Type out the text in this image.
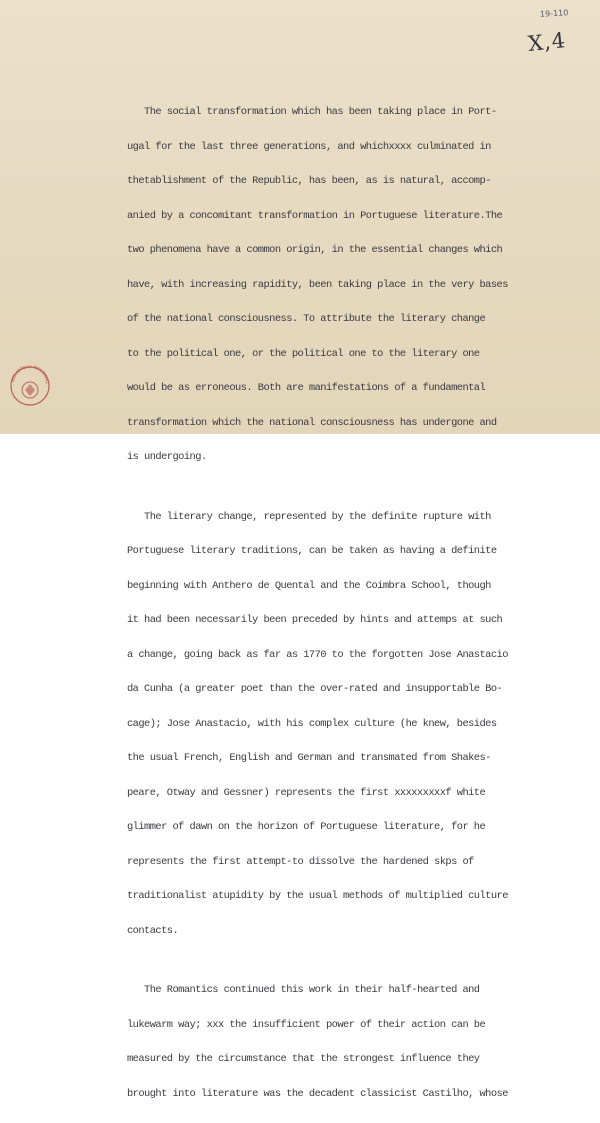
19-110
X,4

The social transformation which has been taking place in Port-

ugal for the last three generations, and whichxxxx culminated in

thetablishment of the Republic, has been, as is natural, accomp-

anied by a concomitant transformation in Portuguese literature.The

two phenomena have a common origin, in the essential changes which

have, with increasing rapidity, been taking place in the very bases

of the national consciousness. To attribute the literary change

to the political one, or the political one to the literary one

would be as erroneous. Both are manifestations of a fundamental

transformation which the national consciousness has undergone and

is undergoing.

The literary change, represented by the definite rupture with

Portuguese literary traditions, can be taken as having a definite

beginning with Anthero de Quental and the Coimbra School, though

it had been necessarily been preceded by hints and attemps at such

a change, going back as far as 1770 to the forgotten Jose Anastacio

da Cunha (a greater poet than the over-rated and insupportable Bo-

cage); Jose Anastacio, with his complex culture (he knew, besides

the usual French, English and German and transmated from Shakes-

peare, Otway and Gessner) represents the first xxxxxxxxxf white

glimmer of dawn on the horizon of Portuguese literature, for he

represents the first attempt-to dissolve the hardened skps of

traditionalist atupidity by the usual methods of multiplied culture

contacts.

The Romantics continued this work in their half-hearted and

lukewarm way; xxx the insufficient power of their action can be

measured by the circumstance that the strongest influence they

brought into literature was the decadent classicist Castilho, whose

BIBLIOTECA NACIONAL
